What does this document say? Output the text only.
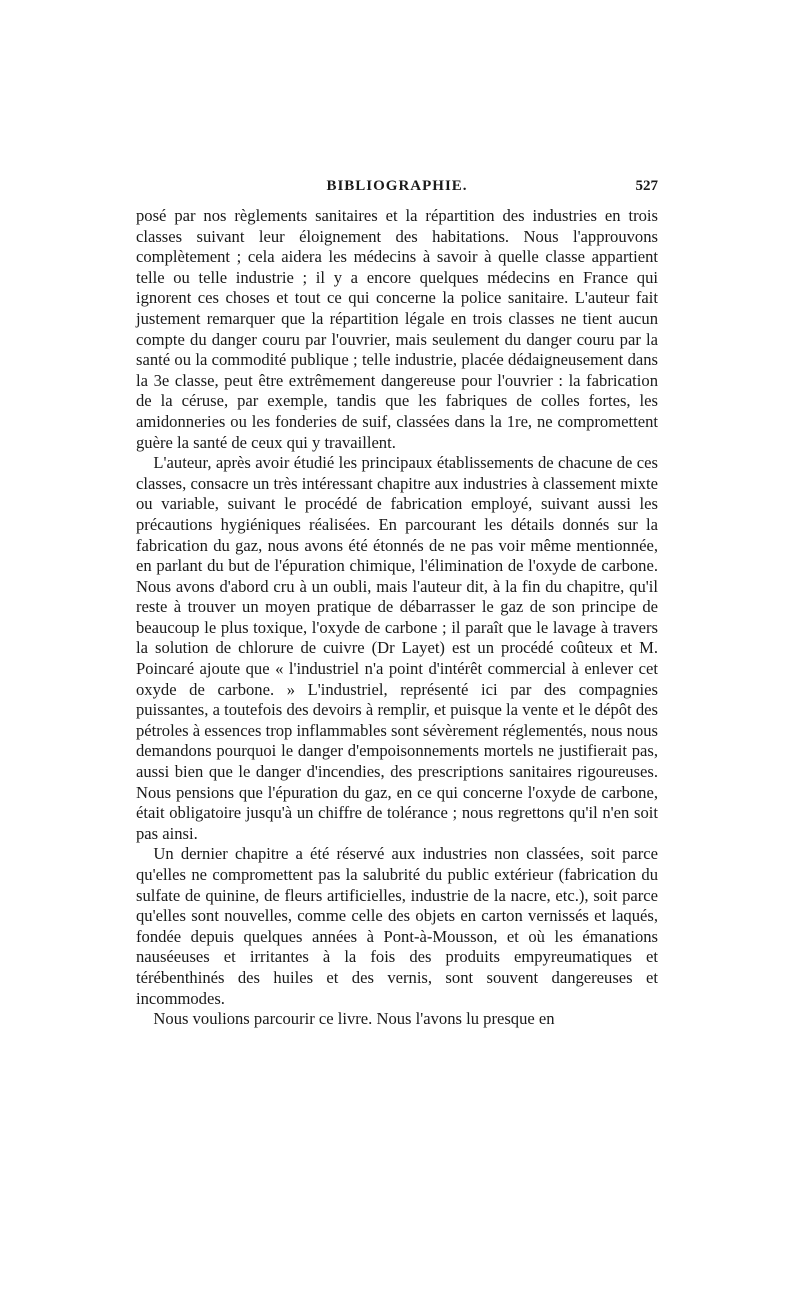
BIBLIOGRAPHIE.	527

posé par nos règlements sanitaires et la répartition des industries en trois classes suivant leur éloignement des habitations. Nous l'approuvons complètement ; cela aidera les médecins à savoir à quelle classe appartient telle ou telle industrie ; il y a encore quelques médecins en France qui ignorent ces choses et tout ce qui concerne la police sanitaire. L'auteur fait justement remarquer que la répartition légale en trois classes ne tient aucun compte du danger couru par l'ouvrier, mais seulement du danger couru par la santé ou la commodité publique ; telle industrie, placée dédaigneusement dans la 3e classe, peut être extrêmement dangereuse pour l'ouvrier : la fabrication de la céruse, par exemple, tandis que les fabriques de colles fortes, les amidonneries ou les fonderies de suif, classées dans la 1re, ne compromettent guère la santé de ceux qui y travaillent.

L'auteur, après avoir étudié les principaux établissements de chacune de ces classes, consacre un très intéressant chapitre aux industries à classement mixte ou variable, suivant le procédé de fabrication employé, suivant aussi les précautions hygiéniques réalisées. En parcourant les détails donnés sur la fabrication du gaz, nous avons été étonnés de ne pas voir même mentionnée, en parlant du but de l'épuration chimique, l'élimination de l'oxyde de carbone. Nous avons d'abord cru à un oubli, mais l'auteur dit, à la fin du chapitre, qu'il reste à trouver un moyen pratique de débarrasser le gaz de son principe de beaucoup le plus toxique, l'oxyde de carbone ; il paraît que le lavage à travers la solution de chlorure de cuivre (Dr Layet) est un procédé coûteux et M. Poincaré ajoute que « l'industriel n'a point d'intérêt commercial à enlever cet oxyde de carbone. » L'industriel, représenté ici par des compagnies puissantes, a toutefois des devoirs à remplir, et puisque la vente et le dépôt des pétroles à essences trop inflammables sont sévèrement réglementés, nous nous demandons pourquoi le danger d'empoisonnements mortels ne justifierait pas, aussi bien que le danger d'incendies, des prescriptions sanitaires rigoureuses. Nous pensions que l'épuration du gaz, en ce qui concerne l'oxyde de carbone, était obligatoire jusqu'à un chiffre de tolérance ; nous regrettons qu'il n'en soit pas ainsi.

Un dernier chapitre a été réservé aux industries non classées, soit parce qu'elles ne compromettent pas la salubrité du public extérieur (fabrication du sulfate de quinine, de fleurs artificielles, industrie de la nacre, etc.), soit parce qu'elles sont nouvelles, comme celle des objets en carton vernissés et laqués, fondée depuis quelques années à Pont-à-Mousson, et où les émanations nauséeuses et irritantes à la fois des produits empyreumatiques et térébenthinés des huiles et des vernis, sont souvent dangereuses et incommodes.

Nous voulions parcourir ce livre. Nous l'avons lu presque en
